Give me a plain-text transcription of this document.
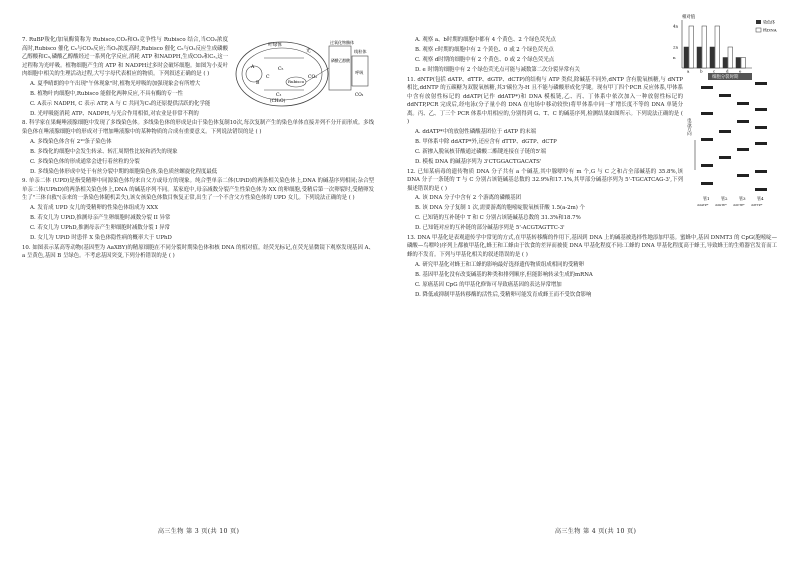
叶绿体
光
A
B	Rubisco
CO₂
C₅
C₃
C
(CH₂O)
过氧化物酶体
线粒体
磷酸乙醇酸
呼吸
CO₂

7. RuBP羧化/加氧酶简称为 Rubisco,CO₂和O₂竞争性与 Rubisco 结合,当CO₂浓度高时,Rubisco 催化 C₅与CO₂反应;当O₂浓度高时,Rubisco 催化 C₅与O₂反应生成磷酸乙醇酸和C₃,磷酸乙醇酸经过一系列化学反应,消耗 ATP 和NADPH,生成CO₂和C₃,这一过程称为光呼吸。植物细胞产生的 ATP 和 NADPH过多时会破坏细胞。如图为小麦叶肉细胞中相关的生理活动过程,大写字母代表相应的物质。下列叙述正确的是 ( )

A. 夏季晴朗的中午出现"午休现象"时,植物光呼吸的加强现象会有所增大

B. 植物叶肉细胞中,Rubisco 能催化两种反应,不具有酶的专一性

C. A表示 NADPH, C 表示 ATP, A 与 C 共同为C₃的还原提供活跃的化学能

D. 光呼吸能消耗 ATP、NADPH,与光合作用相似,对农业是非常不利的

8. 科学家在果蝇唾液腺细胞中发现了多线染色体。多线染色体的形成是由于染色体复制10次,每次复制产生的染色单体直接并列不分开而形成。多线染色体在唾液腺细胞中的形成对于增加唾液腺中的某种物质的合成有重要意义。下列说法错误的是 ( )

A. 多线染色体含有 2¹⁰条子染色体

B. 多线化的细胞中会发生转录、转汇周期性比较和消失的现象

C. 多线染色体的形成通常会进行着丝粒的分裂

D. 多线染色体形成中处于有丝分裂中期的细胞染色体,染色质丝螺旋化程度最低

9. 单亲二体 (UPD)是指受精卵中同源染色体均来自父方或母方的现象。纯合型单亲二体(UPiD)的两条相关染色体上,DNA 的碱基序列相同;杂合型单亲二体(UPhD)的两条相关染色体上,DNA 的碱基序列不同。某家庭中,母亲减数分裂产生性染色体为 XX 的卵细胞,受精后第一次卵裂时,受精卵发生了"三体自救"(亲来的一条染色体随机丢失),该女孩染色体数目恢复正常,出生了一个不含父方性染色体的 UPD 女儿。下列说法正确的是 ( )

A. 发育成 UPD 女儿的受精卵的性染色体组成为 XXX

B. 若女儿为 UPiD,推测母亲产生卵细胞时减数分裂 II 异常

C. 若女儿为 UPhD,推测母亲产生卵细胞时减数分裂 I 异常

D. 女儿为 UPiD 时患伴 X 染色体隐性病的概率大于 UPhD

10. 如图表示某高等动物(基因型为 AaXBY)的精原细胞在不同分裂时期染色体和核 DNA 的相对值。经荧光标记,在荧光显微镜下观察发现基因 A、a 呈黄色,基因 B 呈绿色。不考虑基因突变,下列分析错误的是 ( )

高三生物 第 3 页(共 10 页)
相对值
4n
2n
n
a	b	c	d	e
染色体
核DNA
细胞分裂时期

A. 观察 a、b时期的细胞中都有 4 个黄色、2 个绿色荧光点

B. 观察 c时期的细胞中有 2 个黄色、0 或 2 个绿色荧光点

C. 观察 d时期的细胞中有 2 个黄色、0 或 2 个绿色荧光点

D. e 时期的细胞中有 2 个绿色荧光点可能与减数第二次分裂异常有关

电泳方向
管1	管2	管3	管4
ddATP* ddGTP* ddCTP* ddTTP*

11. dNTP(包括 dATP、dTTP、dGTP、dCTP)的结构与 ATP 类似,除碱基不同外,dNTP 含有脱氧核糖,与 dNTP 相比,ddNTP 的五碳糖为双脱氧核糖,其3'碳位为-H 且不能与磷酸形成化学键。现有甲丁四个PCR 反应体系,甲体系中含有放射性标记的 ddATP(记作 ddATP*)和 DNA 模板链,乙、丙、丁体系中依次加入一种放射性标记的 ddNTP,PCR 完成后,经电泳(分子量小的 DNA 在电场中移动较快)将甲体系中同一扩增长度不等的 DNA 单链分离。丙、乙、丁三个 PCR 体系中用相应的,分别得到 G、T、C 的碱基序列,检测结果如图所示。下列说法正确的是 ( )

A. ddATP*中的放射性磷酸基团位于 dATP 的末端

B. 甲体系中除 ddATP*外,还应含有 dTTP、dGTP、dCTP

C. 新掺入脱氧核苷酸通过磷酸二酯键连接在子链的5'端

D. 模板 DNA 的碱基序列为 3'CTGGACTGACATS'

12. 已知某病毒的遗传物质 DNA 分子共有 a 个碱基,其中腺嘌呤有 m 个,G 与 C 之和占全部碱基的 35.8%,该 DNA 分子一条链的 T 与 C 分别占该链碱基总数的 32.9%和17.1%,其甲部分碱基序列为 5'-TGCATCAG-3',下列描述错误的是 ( )

A. 该 DNA 分子中含有 2 个游离的磷酸基团

B. 该 DNA 分子复制 1 次,需要游离的胞嘧啶脱氧核苷酸 1.5(a-2m) 个

C. 已知链的互补链中 T 和 C 分别占该链碱基总数的 31.3%和18.7%

D. 已知链对应的互补链的部分碱基序列是 5'-ACGTAGTTC-3'

13. DNA 甲基化是表观遗传学中常见的方式,在甲基转移酶的作用下,基因到 DNA 上的碱基被选择性地添加甲基。蜜蜂中,基因 DNMT3 的 CpG(胞嘧啶—磷酸—鸟嘌呤)序列上都被甲基化,蜂王和工蜂由于饮食的差异而被使 DNA 甲基化程度不同:工蜂的 DNA 甲基化程度高于蜂王,导致蜂王的生殖器官发育而工蜂的不发育。下列与甲基化相关的叙述错误的是 ( )

A. 研究甲基化对蜂王和工蜂的影响最好选择遗传物质组成相同的受精卵

B. 基因甲基化没有改变碱基的种类和排列顺序,但能影响转录生成的mRNA

C. 原癌基因 CpG 的甲基化修饰可导致癌基因的表达异常增加

D. 降低或抑制甲基转移酶的活性后,受精卵可能发育成蜂王而不受饮食影响

高三生物 第 4 页(共 10 页)
